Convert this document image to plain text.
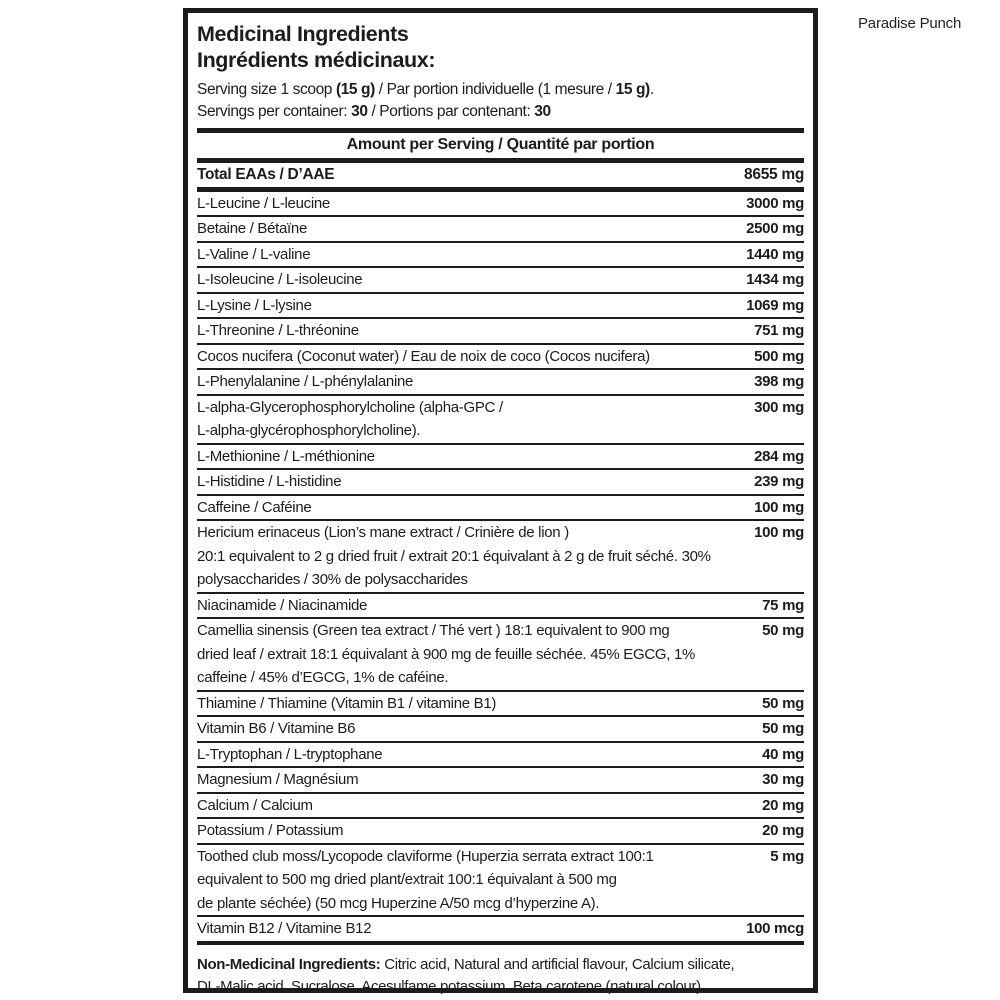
Paradise Punch
Medicinal Ingredients
Ingrédients médicinaux:
Serving size 1 scoop (15 g) / Par portion individuelle (1 mesure / 15 g).
Servings per container: 30 / Portions par contenant: 30
Amount per Serving / Quantité par portion
Total EAAs / D’AAE	8655 mg
L-Leucine / L-leucine	3000 mg
Betaine / Bétaïne	2500 mg
L-Valine / L-valine	1440 mg
L-Isoleucine / L-isoleucine	1434 mg
L-Lysine / L-lysine	1069 mg
L-Threonine / L-thréonine	751 mg
Cocos nucifera (Coconut water) / Eau de noix de coco (Cocos nucifera)	500 mg
L-Phenylalanine / L-phénylalanine	398 mg
L-alpha-Glycerophosphorylcholine (alpha-GPC /	300 mg
L-alpha-glycérophosphorylcholine).
L-Methionine / L-méthionine	284 mg
L-Histidine / L-histidine	239 mg
Caffeine / Caféine	100 mg
Hericium erinaceus (Lion’s mane extract / Crinière de lion )	100 mg
20:1 equivalent to 2 g dried fruit / extrait 20:1 équivalant à 2 g de fruit séché. 30%
polysaccharides / 30% de polysaccharides
Niacinamide / Niacinamide	75 mg
Camellia sinensis (Green tea extract / Thé vert ) 18:1 equivalent to 900 mg	50 mg
dried leaf / extrait 18:1 équivalant à 900 mg de feuille séchée. 45% EGCG, 1%
caffeine / 45% d’EGCG, 1% de caféine.
Thiamine / Thiamine (Vitamin B1 / vitamine B1)	50 mg
Vitamin B6 / Vitamine B6	50 mg
L-Tryptophan / L-tryptophane	40 mg
Magnesium / Magnésium	30 mg
Calcium / Calcium	20 mg
Potassium / Potassium	20 mg
Toothed club moss/Lycopode claviforme (Huperzia serrata extract 100:1	5 mg
equivalent to 500 mg dried plant/extrait 100:1 équivalant à 500 mg
de plante séchée) (50 mcg Huperzine A/50 mcg d’hyperzine A).
Vitamin B12 / Vitamine B12	100 mcg
Non-Medicinal Ingredients: Citric acid, Natural and artificial flavour, Calcium silicate,
DL-Malic acid, Sucralose, Acesulfame potassium, Beta carotene (natural colour).
